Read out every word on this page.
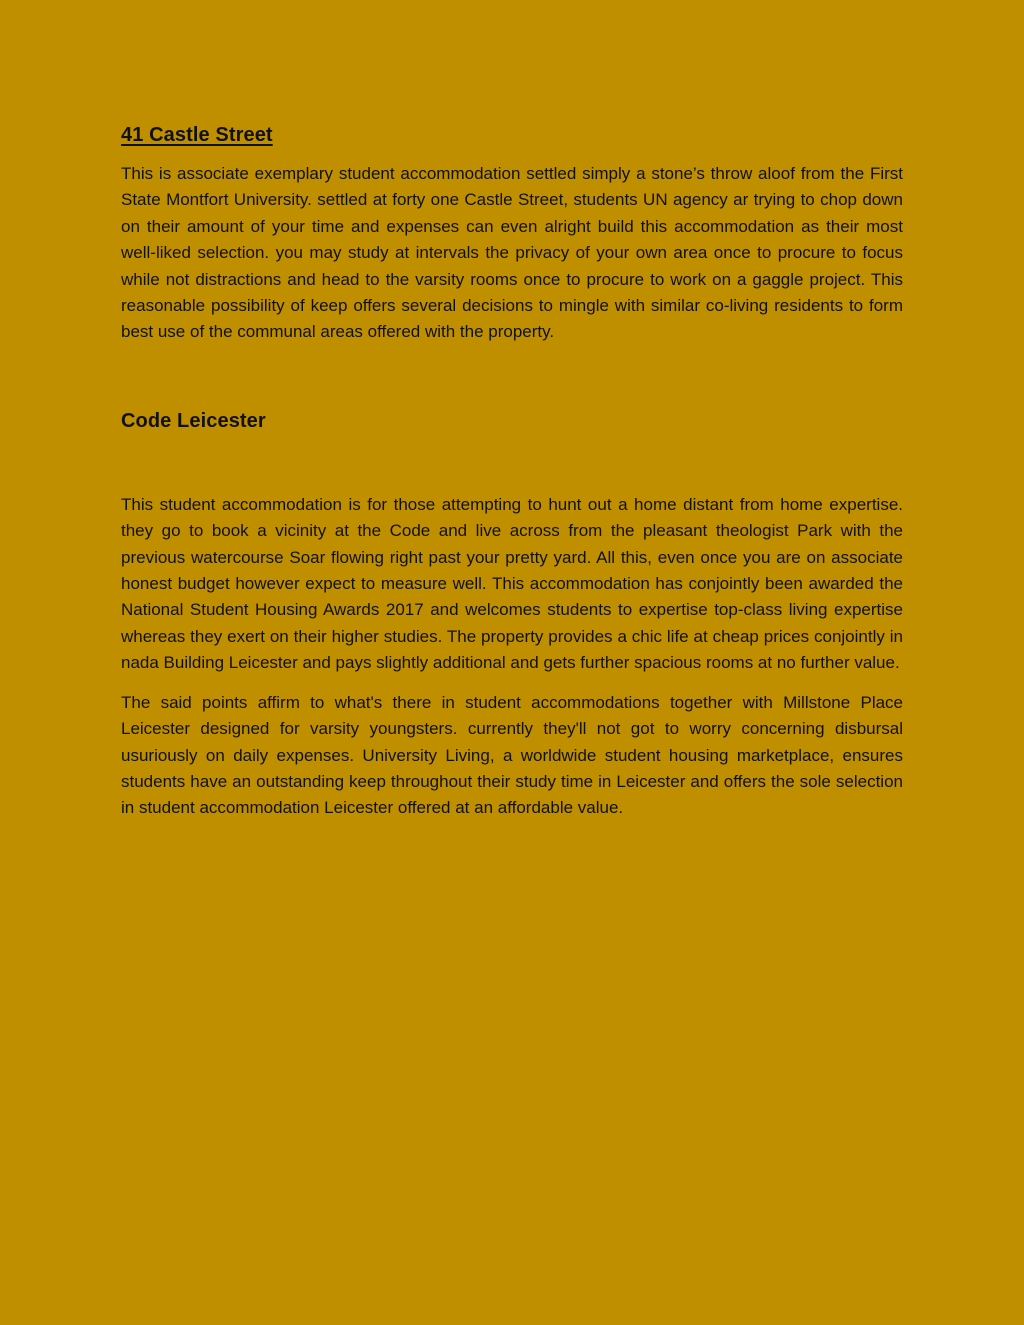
41 Castle Street

This is associate exemplary student accommodation settled simply a stone’s throw aloof from the First State Montfort University. settled at forty one Castle Street, students UN agency ar trying to chop down on their amount of your time and expenses can even alright build this accommodation as their most well-liked selection. you may study at intervals the privacy of your own area once to procure to focus while not distractions and head to the varsity rooms once to procure to work on a gaggle project. This reasonable possibility of keep offers several decisions to mingle with similar co-living residents to form best use of the communal areas offered with the property.

Code Leicester

This student accommodation is for those attempting to hunt out a home distant from home expertise. they go to book a vicinity at the Code and live across from the pleasant theologist Park with the previous watercourse Soar flowing right past your pretty yard. All this, even once you are on associate honest budget however expect to measure well. This accommodation has conjointly been awarded the National Student Housing Awards 2017 and welcomes students to expertise top-class living expertise whereas they exert on their higher studies. The property provides a chic life at cheap prices conjointly in nada Building Leicester and pays slightly additional and gets further spacious rooms at no further value.

The said points affirm to what's there in student accommodations together with Millstone Place Leicester designed for varsity youngsters. currently they'll not got to worry concerning disbursal usuriously on daily expenses. University Living, a worldwide student housing marketplace, ensures students have an outstanding keep throughout their study time in Leicester and offers the sole selection in student accommodation Leicester offered at an affordable value.
